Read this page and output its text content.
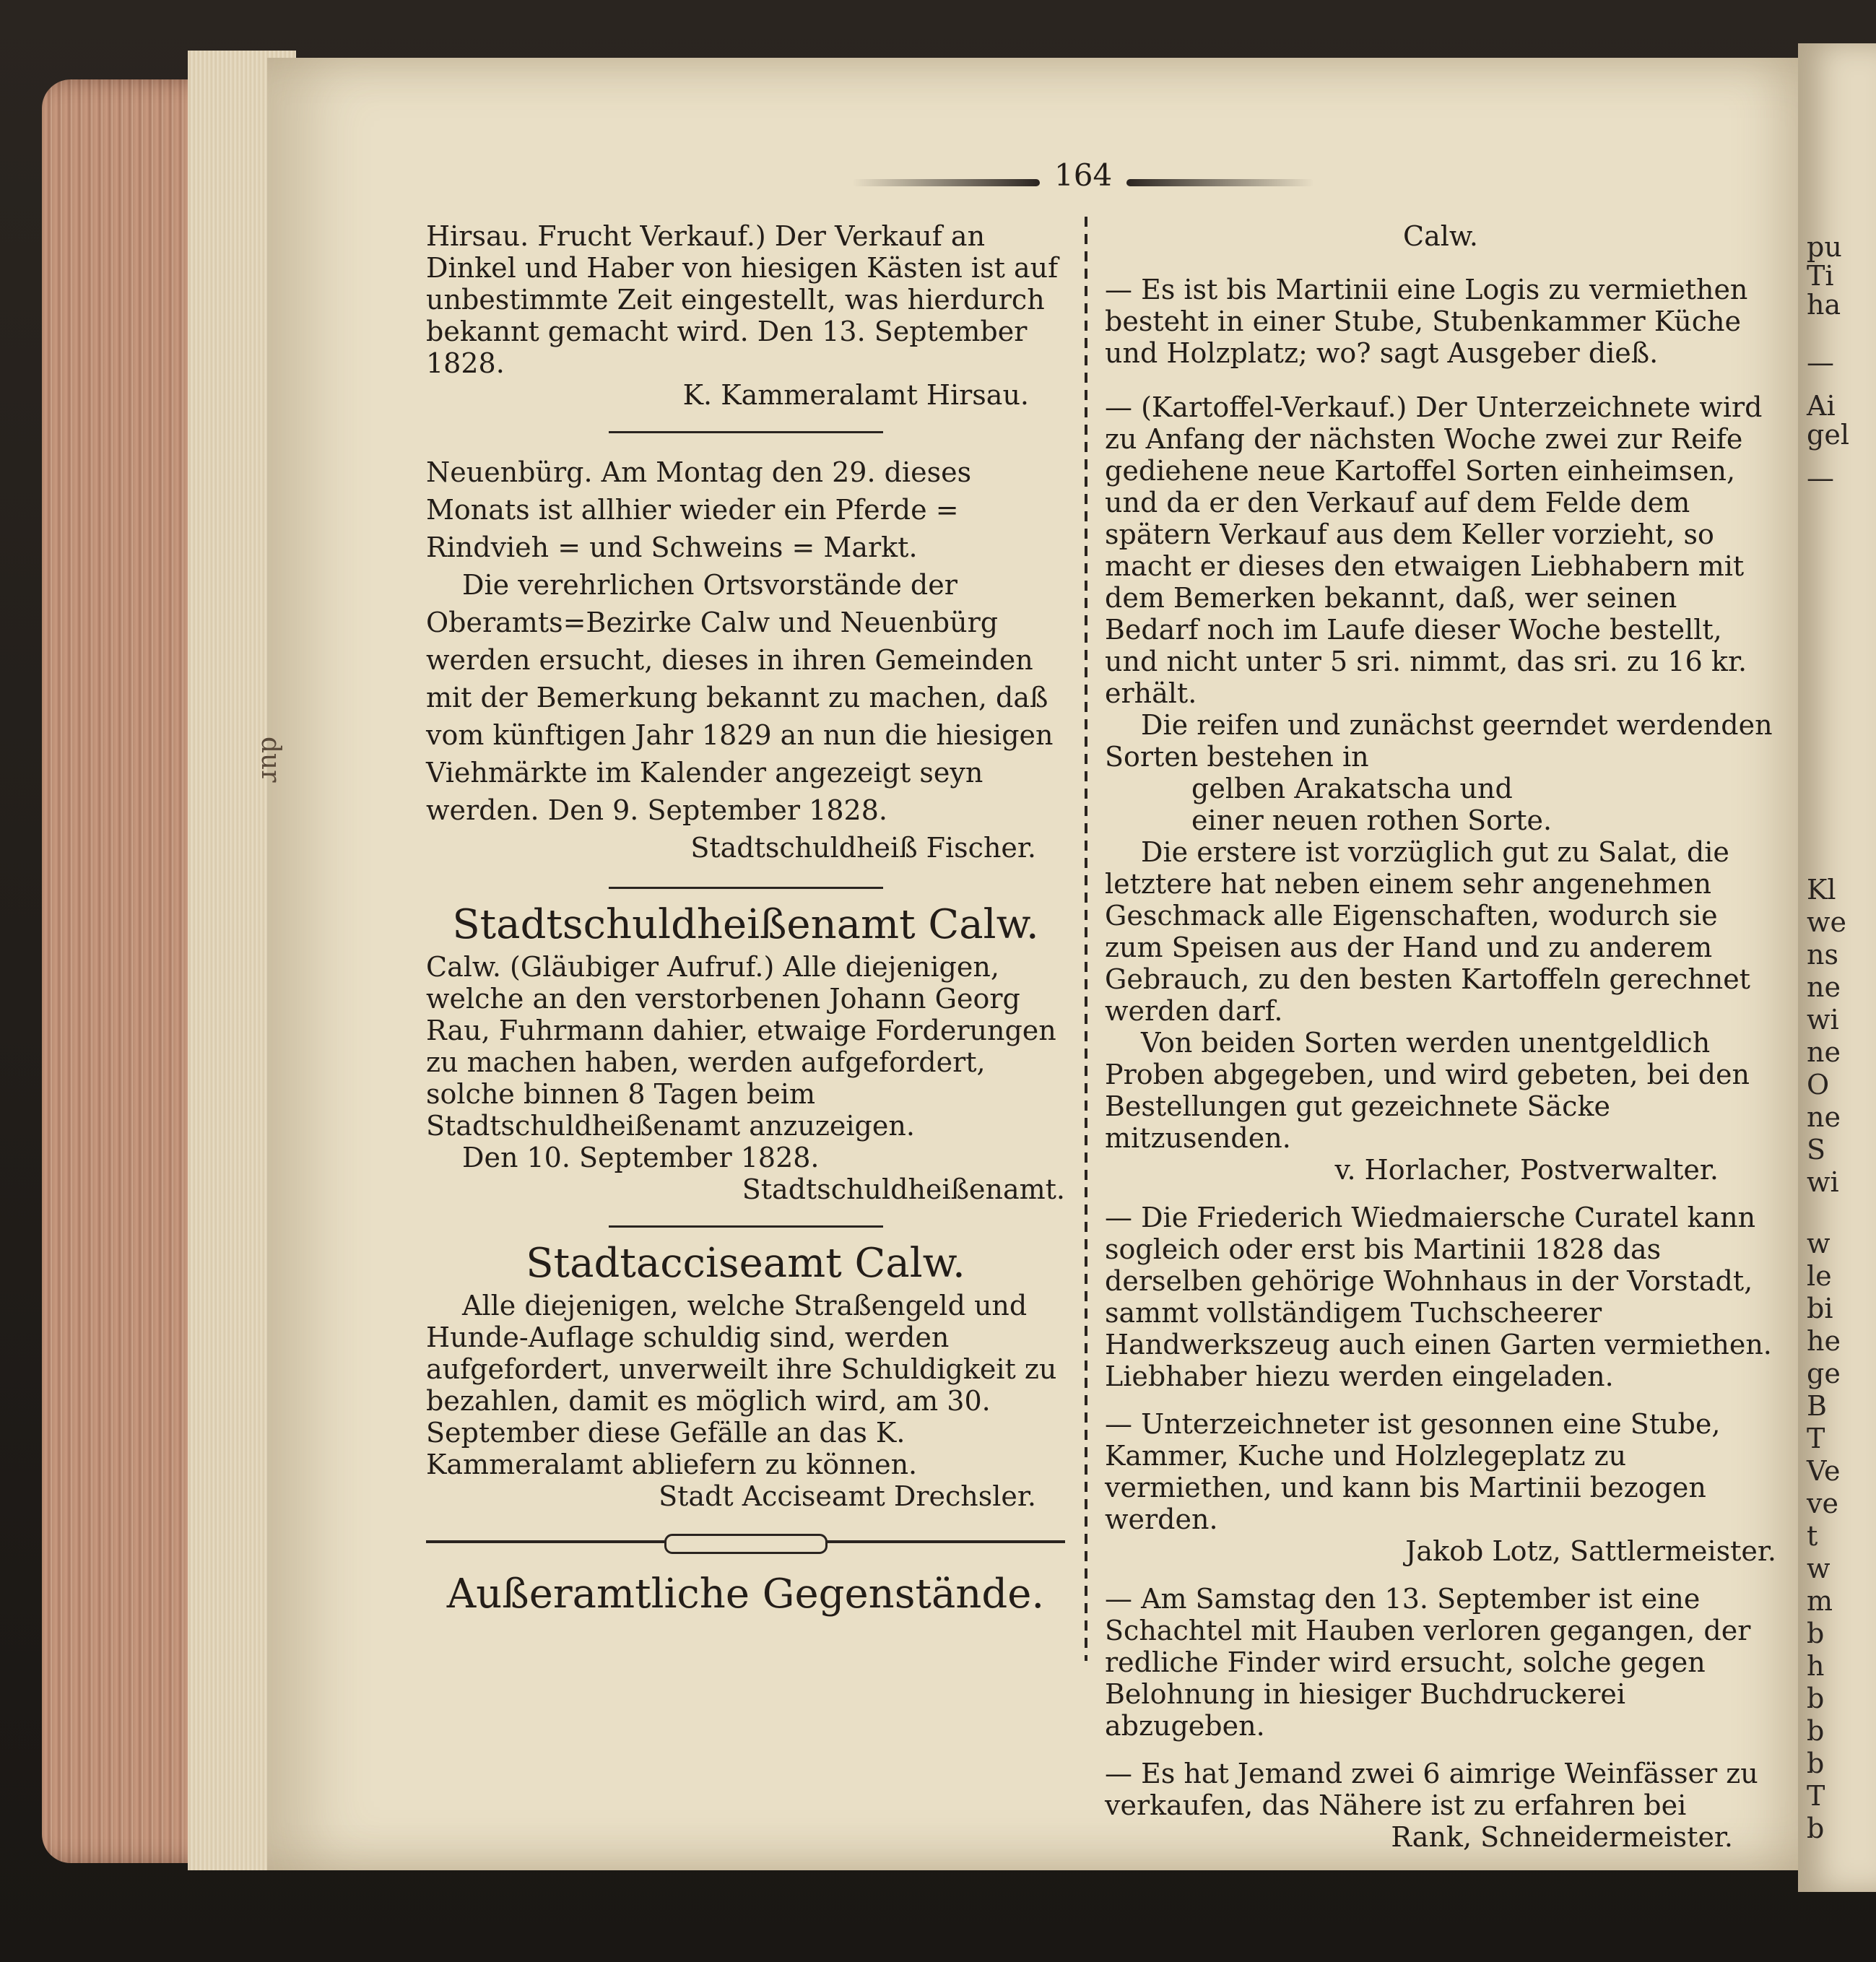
pu
Ti
ha
—
Ai
gel
—
Kl
we
ns
ne
wi
ne
O
ne
S
wi
w
le
bi
he
ge
B
T
Ve
ve
t
w
m
b
h
b
b
b
T
b
164
dur

Hirsau. Frucht Verkauf.) Der Verkauf an Dinkel und Haber von hiesigen Kästen ist auf unbestimmte Zeit eingestellt, was hierdurch bekannt gemacht wird. Den 13. September 1828.

K. Kammeralamt Hirsau.

Neuenbürg. Am Montag den 29. dieses Monats ist allhier wieder ein Pferde = Rindvieh = und Schweins = Markt.

Die verehrlichen Ortsvorstände der Oberamts=Bezirke Calw und Neuenbürg werden ersucht, dieses in ihren Gemeinden mit der Bemerkung bekannt zu machen, daß vom künftigen Jahr 1829 an nun die hiesigen Viehmärkte im Kalender angezeigt seyn werden. Den 9. September 1828.

Stadtschuldheiß Fischer.

Stadtschuldheißenamt Calw.

Calw. (Gläubiger Aufruf.) Alle diejenigen, welche an den verstorbenen Johann Georg Rau, Fuhrmann dahier, etwaige Forderungen zu machen haben, werden aufgefordert, solche binnen 8 Tagen beim Stadtschuldheißenamt anzuzeigen.

Den 10. September 1828.

Stadtschuldheißenamt.

Stadtacciseamt Calw.

Alle diejenigen, welche Straßengeld und Hunde-Auflage schuldig sind, werden aufgefordert, unverweilt ihre Schuldigkeit zu bezahlen, damit es möglich wird, am 30. September diese Gefälle an das K. Kammeralamt abliefern zu können.

Stadt Acciseamt Drechsler.

Außeramtliche Gegenstände.
Calw.

— Es ist bis Martinii eine Logis zu vermiethen besteht in einer Stube, Stubenkammer Küche und Holzplatz; wo? sagt Ausgeber dieß.

— (Kartoffel-Verkauf.) Der Unterzeichnete wird zu Anfang der nächsten Woche zwei zur Reife gediehene neue Kartoffel Sorten einheimsen, und da er den Verkauf auf dem Felde dem spätern Verkauf aus dem Keller vorzieht, so macht er dieses den etwaigen Liebhabern mit dem Bemerken bekannt, daß, wer seinen Bedarf noch im Laufe dieser Woche bestellt, und nicht unter 5 sri. nimmt, das sri. zu 16 kr. erhält.

Die reifen und zunächst geerndet werdenden Sorten bestehen in

gelben Arakatscha und

einer neuen rothen Sorte.

Die erstere ist vorzüglich gut zu Salat, die letztere hat neben einem sehr angenehmen Geschmack alle Eigenschaften, wodurch sie zum Speisen aus der Hand und zu anderem Gebrauch, zu den besten Kartoffeln gerechnet werden darf.

Von beiden Sorten werden unentgeldlich Proben abgegeben, und wird gebeten, bei den Bestellungen gut gezeichnete Säcke mitzusenden.

v. Horlacher, Postverwalter.

— Die Friederich Wiedmaiersche Curatel kann sogleich oder erst bis Martinii 1828 das derselben gehörige Wohnhaus in der Vorstadt, sammt vollständigem Tuchscheerer Handwerkszeug auch einen Garten vermiethen. Liebhaber hiezu werden eingeladen.

— Unterzeichneter ist gesonnen eine Stube, Kammer, Kuche und Holzlegeplatz zu vermiethen, und kann bis Martinii bezogen werden.

Jakob Lotz, Sattlermeister.

— Am Samstag den 13. September ist eine Schachtel mit Hauben verloren gegangen, der redliche Finder wird ersucht, solche gegen Belohnung in hiesiger Buchdruckerei abzugeben.

— Es hat Jemand zwei 6 aimrige Weinfässer zu verkaufen, das Nähere ist zu erfahren bei

Rank, Schneidermeister.
